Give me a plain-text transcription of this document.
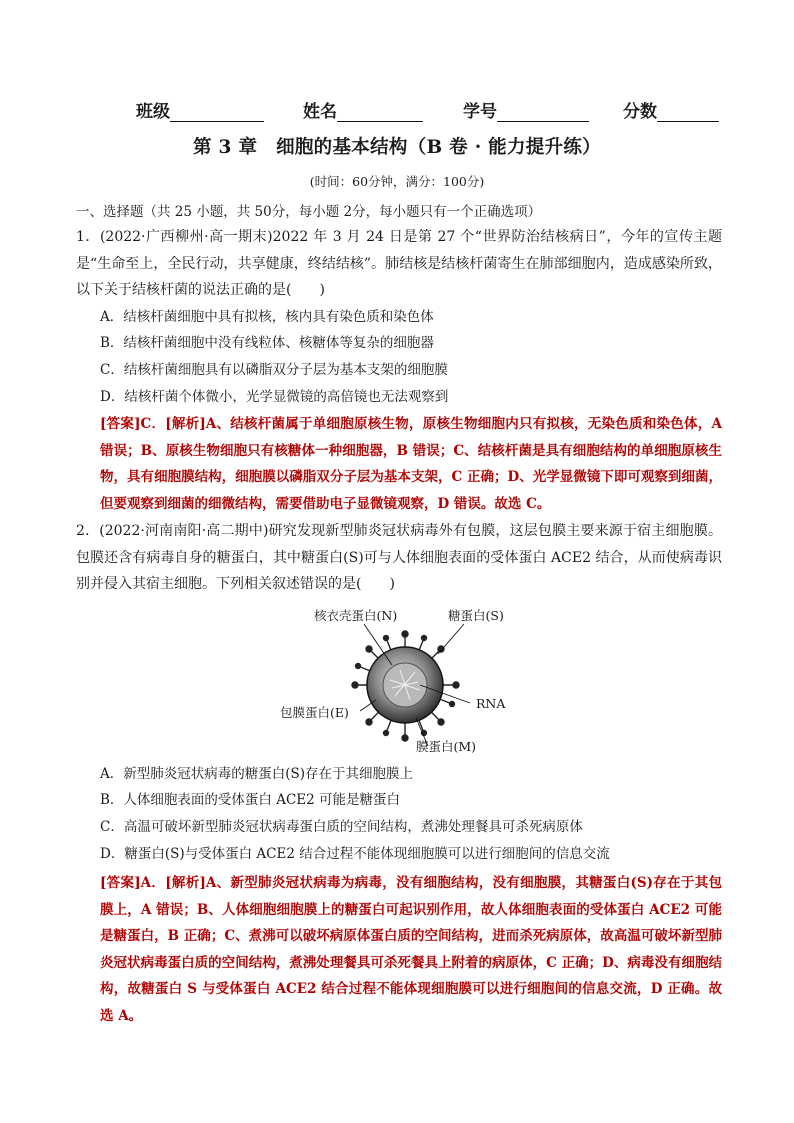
班级	姓名	学号	分数
第 3 章　细胞的基本结构（B 卷 · 能力提升练）
(时间：60分钟，满分：100分)
一、选择题（共 25 小题，共 50分，每小题 2分，每小题只有一个正确选项）
1．(2022·广西柳州·高一期末)2022 年 3 月 24 日是第 27 个“世界防治结核病日”，今年的宣传主题是“生命至上，全民行动，共享健康，终结结核”。肺结核是结核杆菌寄生在肺部细胞内，造成感染所致，以下关于结核杆菌的说法正确的是(　　)
A．结核杆菌细胞中具有拟核，核内具有染色质和染色体
B．结核杆菌细胞中没有线粒体、核糖体等复杂的细胞器
C．结核杆菌细胞具有以磷脂双分子层为基本支架的细胞膜
D．结核杆菌个体微小，光学显微镜的高倍镜也无法观察到
[答案]C．[解析]A、结核杆菌属于单细胞原核生物，原核生物细胞内只有拟核，无染色质和染色体，A 错误；B、原核生物细胞只有核糖体一种细胞器，B 错误；C、结核杆菌是具有细胞结构的单细胞原核生物，具有细胞膜结构，细胞膜以磷脂双分子层为基本支架，C 正确；D、光学显微镜下即可观察到细菌，但要观察到细菌的细微结构，需要借助电子显微镜观察，D 错误。故选 C。
2．(2022·河南南阳·高二期中)研究发现新型肺炎冠状病毒外有包膜，这层包膜主要来源于宿主细胞膜。包膜还含有病毒自身的糖蛋白，其中糖蛋白(S)可与人体细胞表面的受体蛋白 ACE2 结合，从而使病毒识别并侵入其宿主细胞。下列相关叙述错误的是(　　)
核衣壳蛋白(N)	糖蛋白(S)
RNA
包膜蛋白(E)
膜蛋白(M)
A．新型肺炎冠状病毒的糖蛋白(S)存在于其细胞膜上
B．人体细胞表面的受体蛋白 ACE2 可能是糖蛋白
C．高温可破坏新型肺炎冠状病毒蛋白质的空间结构，煮沸处理餐具可杀死病原体
D．糖蛋白(S)与受体蛋白 ACE2 结合过程不能体现细胞膜可以进行细胞间的信息交流
[答案]A．[解析]A、新型肺炎冠状病毒为病毒，没有细胞结构，没有细胞膜，其糖蛋白(S)存在于其包膜上，A 错误；B、人体细胞细胞膜上的糖蛋白可起识别作用，故人体细胞表面的受体蛋白 ACE2 可能是糖蛋白，B 正确；C、煮沸可以破坏病原体蛋白质的空间结构，进而杀死病原体，故高温可破坏新型肺炎冠状病毒蛋白质的空间结构，煮沸处理餐具可杀死餐具上附着的病原体，C 正确；D、病毒没有细胞结构，故糖蛋白 S 与受体蛋白 ACE2 结合过程不能体现细胞膜可以进行细胞间的信息交流，D 正确。故选 A。
